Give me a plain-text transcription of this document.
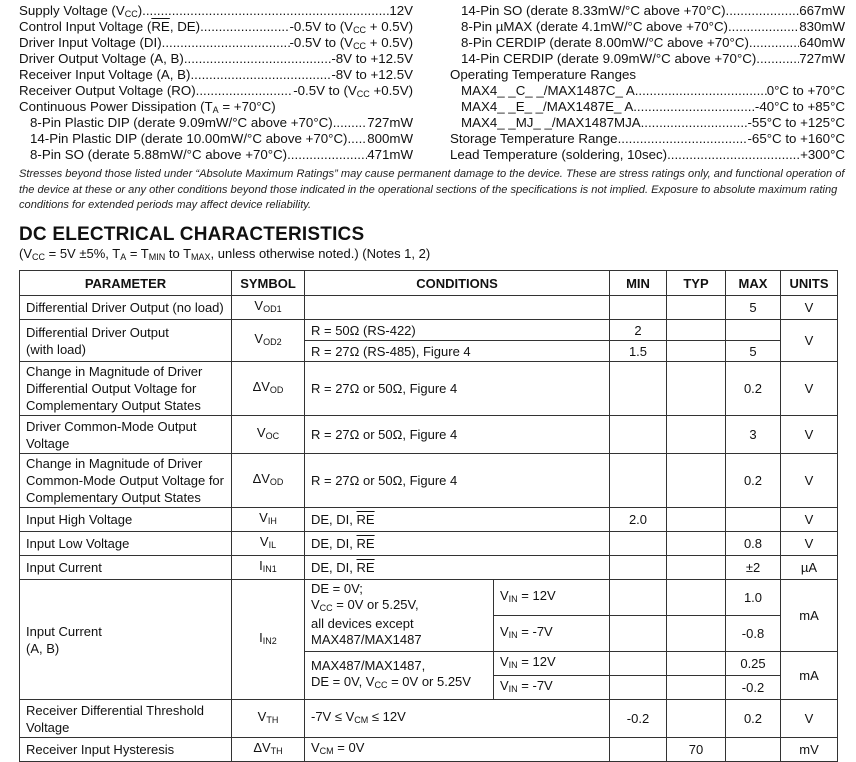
Supply Voltage $(V_{CC})$ .....	12V
Control Input Voltage ($\overline{RE}$, DE) .....	-0.5V to $(V_{CC} + 0.5V)$
Driver Input Voltage (DI) .....	-0.5V to $(V_{CC} + 0.5V)$
Driver Output Voltage (A, B) .....	-8V to +12.5V
Receiver Input Voltage (A, B) .....	-8V to +12.5V
Receiver Output Voltage (RO) .....	-0.5V to $(V_{CC} +0.5V)$
Continuous Power Dissipation $(T_A = +70^\circ C)$
8-Pin Plastic DIP (derate 9.09mW/°C above +70°C) .....	727mW
14-Pin Plastic DIP (derate 10.00mW/°C above +70°C) ..... 800mW
8-Pin SO (derate 5.88mW/°C above +70°C) .....	471mW
14-Pin SO (derate 8.33mW/°C above +70°C) .....	667mW
8-Pin µMAX (derate 4.1mW/°C above +70°C) .....	830mW
8-Pin CERDIP (derate 8.00mW/°C above +70°C) .....	640mW
14-Pin CERDIP (derate 9.09mW/°C above +70°C) .....	727mW
Operating Temperature Ranges
MAX4_ _C_ _/MAX1487C_ A .....	0°C to +70°C
MAX4_ _E_ _/MAX1487E_ A .....	-40°C to +85°C
MAX4_ _MJ_ _/MAX1487MJA .....	-55°C to +125°C
Storage Temperature Range .....	-65°C to +160°C
Lead Temperature (soldering, 10sec) .....	+300°C
Stresses beyond those listed under “Absolute Maximum Ratings” may cause permanent damage to the device. These are stress ratings only, and functional operation of the device at these or any other conditions beyond those indicated in the operational sections of the specifications is not implied. Exposure to absolute maximum rating conditions for extended periods may affect device reliability.
DC ELECTRICAL CHARACTERISTICS
($V_{CC} = 5V \pm 5\%$, $T_A = T_{MIN}$ to $T_{MAX}$, unless otherwise noted.) (Notes 1, 2)
PARAMETER	SYMBOL	CONDITIONS		MIN	TYP	MAX	UNITS
Differential Driver Output (no load)	$V_{OD1}$					5	V
Differential Driver Output
(with load)	$V_{OD2}$	R = 50Ω (RS-422)		2			V
		R = 27Ω (RS-485), Figure 4		1.5		5	
Change in Magnitude of Driver Differential Output Voltage for Complementary Output States	$\Delta V_{OD}$	R = 27Ω or 50Ω, Figure 4				0.2	V
Driver Common-Mode Output Voltage	$V_{OC}$	R = 27Ω or 50Ω, Figure 4				3	V
Change in Magnitude of Driver Common-Mode Output Voltage for Complementary Output States	$\Delta V_{OD}$	R = 27Ω or 50Ω, Figure 4				0.2	V
Input High Voltage	$V_{IH}$	DE, DI, $\overline{RE}$		2.0			V
Input Low Voltage	$V_{IL}$	DE, DI, $\overline{RE}$				0.8	V
Input Current	$I_{IN1}$	DE, DI, $\overline{RE}$				±2	µA
Input Current
(A, B)	$I_{IN2}$	DE = 0V;
$V_{CC} = 0V$ or 5.25V,
all devices except
MAX487/MAX1487	$V_{IN} = 12V$			1.0	mA
			$V_{IN} = -7V$			-0.8	
		MAX487/MAX1487,
DE = 0V, $V_{CC} = 0V$ or 5.25V	$V_{IN} = 12V$			0.25	mA
			$V_{IN} = -7V$			-0.2	
Receiver Differential Threshold Voltage	$V_{TH}$	$-7V \le V_{CM} \le 12V$		-0.2		0.2	V
Receiver Input Hysteresis	$\Delta V_{TH}$	$V_{CM} = 0V$			70		mV
